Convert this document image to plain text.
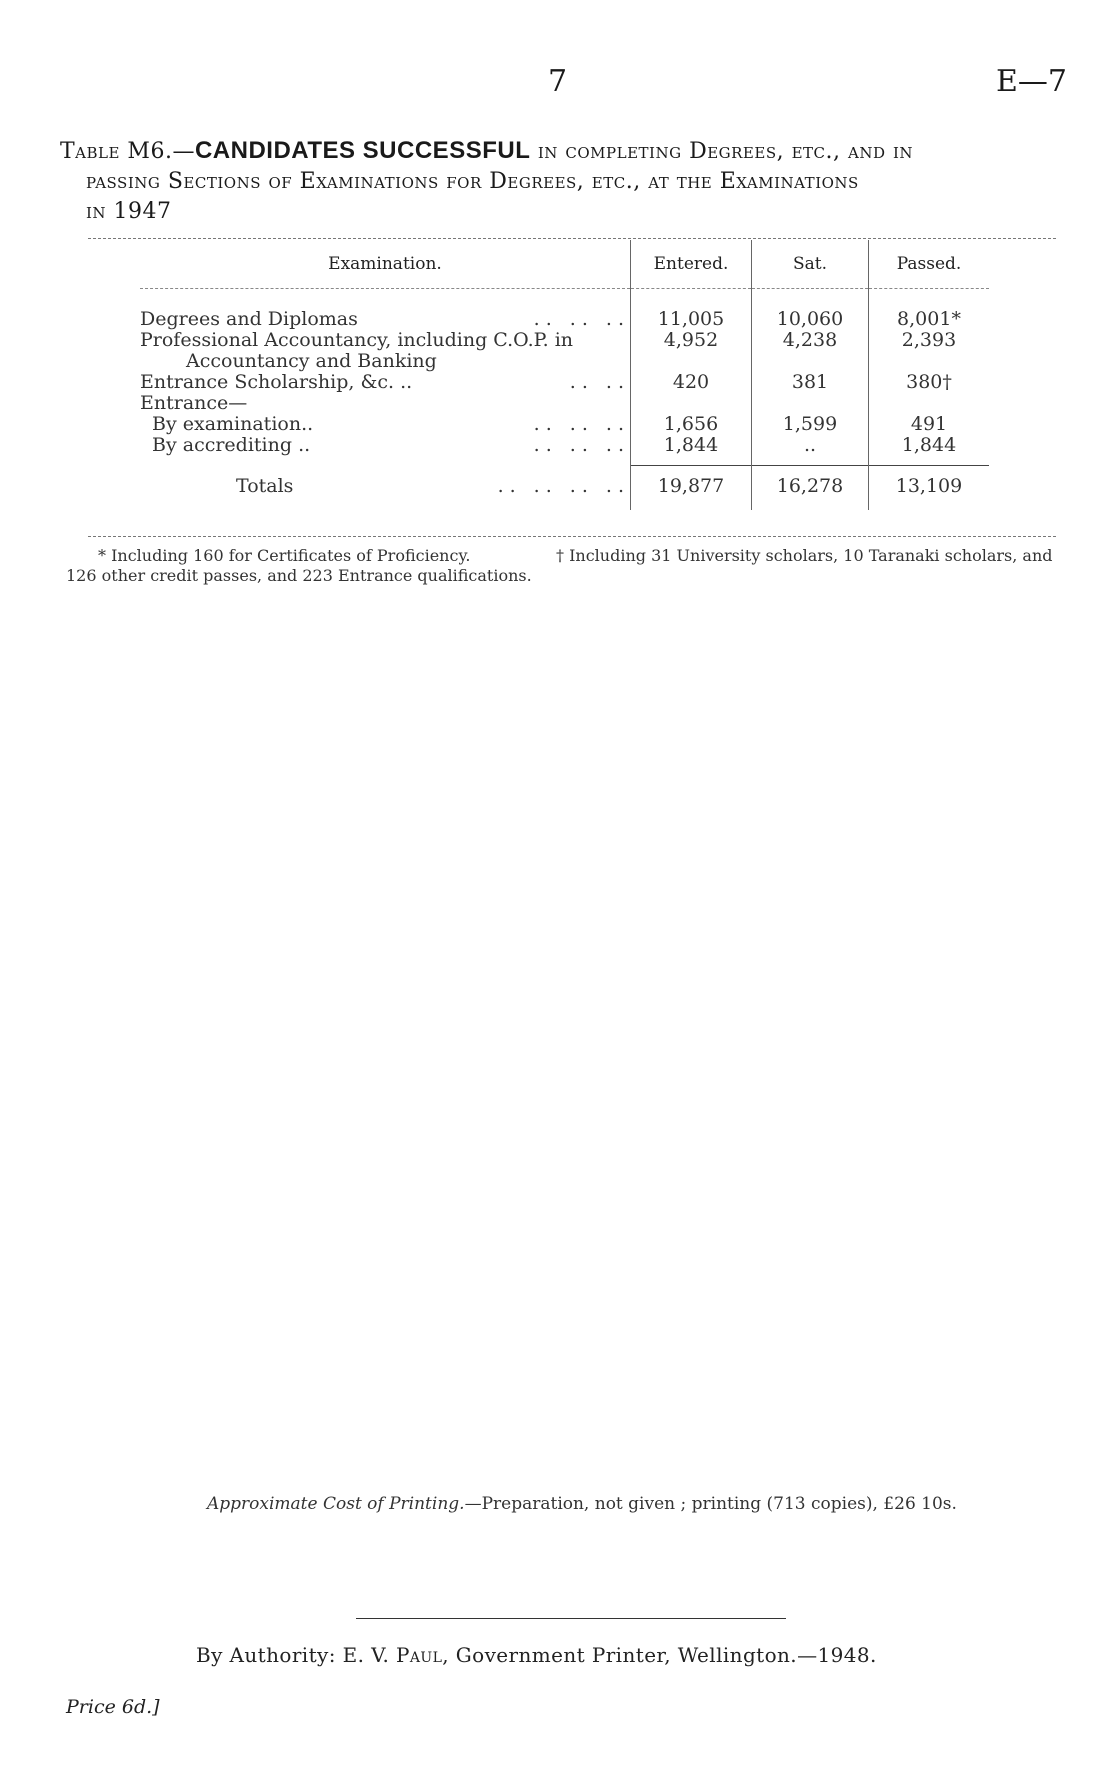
7	E—7
Table M6.—CANDIDATES SUCCESSFUL in completing Degrees, etc., and in
passing Sections of Examinations for Degrees, etc., at the Examinations
in 1947
Examination.	Entered.	Sat.	Passed.

Degrees and Diplomas .. .. ..	11,005	10,060	8,001*

Professional Accountancy, including C.O.P. in	4,952	4,238	2,393

Accountancy and Banking			

Entrance Scholarship, &c. .. .. ..	420	381	380†

Entrance—			

By examination.. .. .. ..	1,656	1,599	491

By accrediting .. .. .. ..	1,844	..	1,844

Totals .. .. .. ..	19,877	16,278	13,109
* Including 160 for Certificates of Proficiency.	† Including 31 University scholars, 10 Taranaki scholars, and
126 other credit passes, and 223 Entrance qualifications.
Approximate Cost of Printing.—Preparation, not given ; printing (713 copies), £26 10s.
By Authority: E. V. Paul, Government Printer, Wellington.—1948.
Price 6d.]
